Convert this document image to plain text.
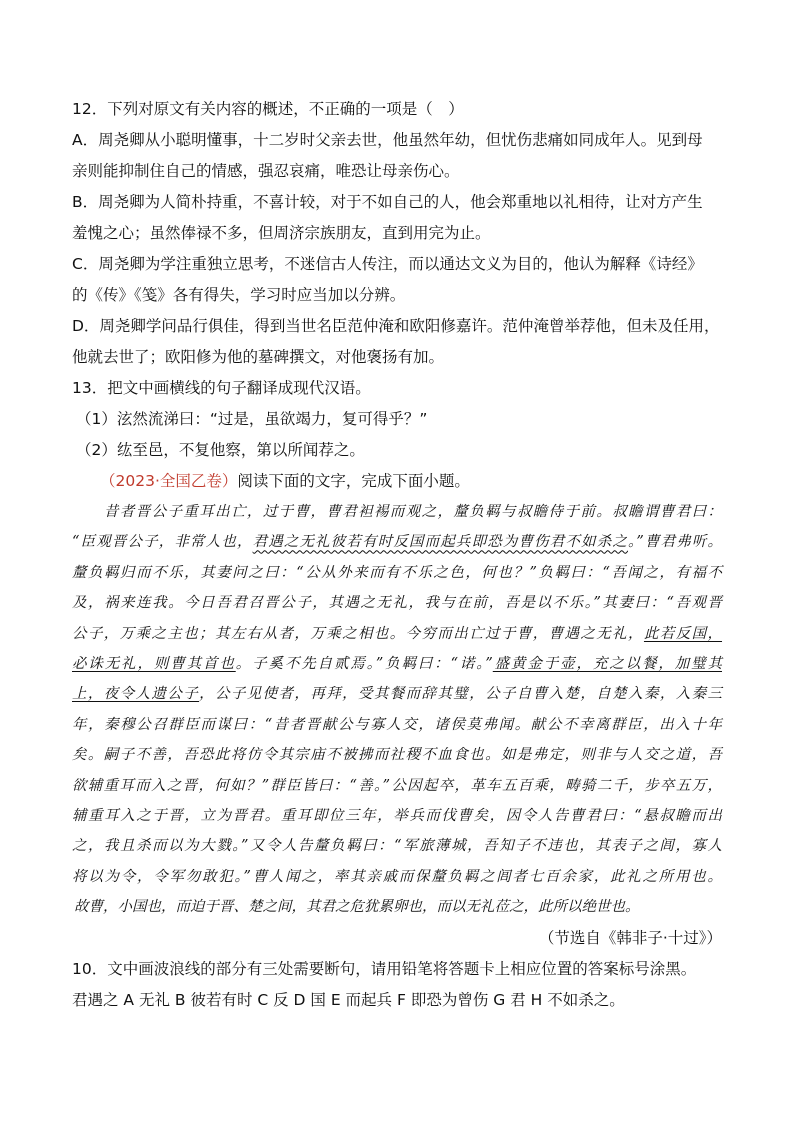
12．下列对原文有关内容的概述，不正确的一项是（　）
A．周尧卿从小聪明懂事，十二岁时父亲去世，他虽然年幼，但忧伤悲痛如同成年人。见到母
亲则能抑制住自己的情感，强忍哀痛，唯恐让母亲伤心。
B．周尧卿为人简朴持重，不喜计较，对于不如自己的人，他会郑重地以礼相待，让对方产生
羞愧之心；虽然俸禄不多，但周济宗族朋友，直到用完为止。
C．周尧卿为学注重独立思考，不迷信古人传注，而以通达文义为目的，他认为解释《诗经》
的《传》《笺》各有得失，学习时应当加以分辨。
D．周尧卿学问品行俱佳，得到当世名臣范仲淹和欧阳修嘉许。范仲淹曾举荐他，但未及任用，
他就去世了；欧阳修为他的墓碑撰文，对他褒扬有加。
13．把文中画横线的句子翻译成现代汉语。
（1）泫然流涕曰：“过是，虽欲竭力，复可得乎？”
（2）纮至邑，不复他察，第以所闻荐之。
（2023·全国乙卷）阅读下面的文字，完成下面小题。
昔者晋公子重耳出亡，过于曹，曹君袒裼而观之，釐负羁与叔瞻侍于前。叔瞻谓曹君曰：
“臣观晋公子，非常人也，君遇之无礼彼若有时反国而起兵即恐为曹伤君不如杀之。”曹君弗听。
釐负羁归而不乐，其妻问之曰：“公从外来而有不乐之色，何也？”负羁曰：“吾闻之，有福不
及，祸来连我。今日吾君召晋公子，其遇之无礼，我与在前，吾是以不乐。”其妻曰：“吾观晋
公子，万乘之主也；其左右从者，万乘之相也。今穷而出亡过于曹，曹遇之无礼，此若反国，
必诛无礼，则曹其首也。子奚不先自贰焉。”负羁曰：“诺。”盛黄金于壶，充之以餐，加璧其
上，夜令人遗公子，公子见使者，再拜，受其餐而辞其璧，公子自曹入楚，自楚入秦，入秦三
年，秦穆公召群臣而谋曰：“昔者晋献公与寡人交，诸侯莫弗闻。献公不幸离群臣，出入十年
矣。嗣子不善，吾恐此将仿令其宗庙不被拂而社稷不血食也。如是弗定，则非与人交之道，吾
欲辅重耳而入之晋，何如？”群臣皆曰：“善。”公因起卒，革车五百乘，畴骑二千，步卒五万，
辅重耳入之于晋，立为晋君。重耳即位三年，举兵而伐曹矣，因令人告曹君曰：“悬叔瞻而出
之，我且杀而以为大戮。”又令人告釐负羁曰：“军旅薄城，吾知子不违也，其表子之闾，寡人
将以为令，令军勿敢犯。”曹人闻之，率其亲戚而保釐负羁之闾者七百余家，此礼之所用也。
故曹，小国也，而迫于晋、楚之间，其君之危犹累卵也，而以无礼莅之，此所以绝世也。
（节选自《韩非子·十过》）
10．文中画波浪线的部分有三处需要断句，请用铅笔将答题卡上相应位置的答案标号涂黑。
君遇之 A 无礼 B 彼若有时 C 反 D 国 E 而起兵 F 即恐为曾伤 G 君 H 不如杀之。
